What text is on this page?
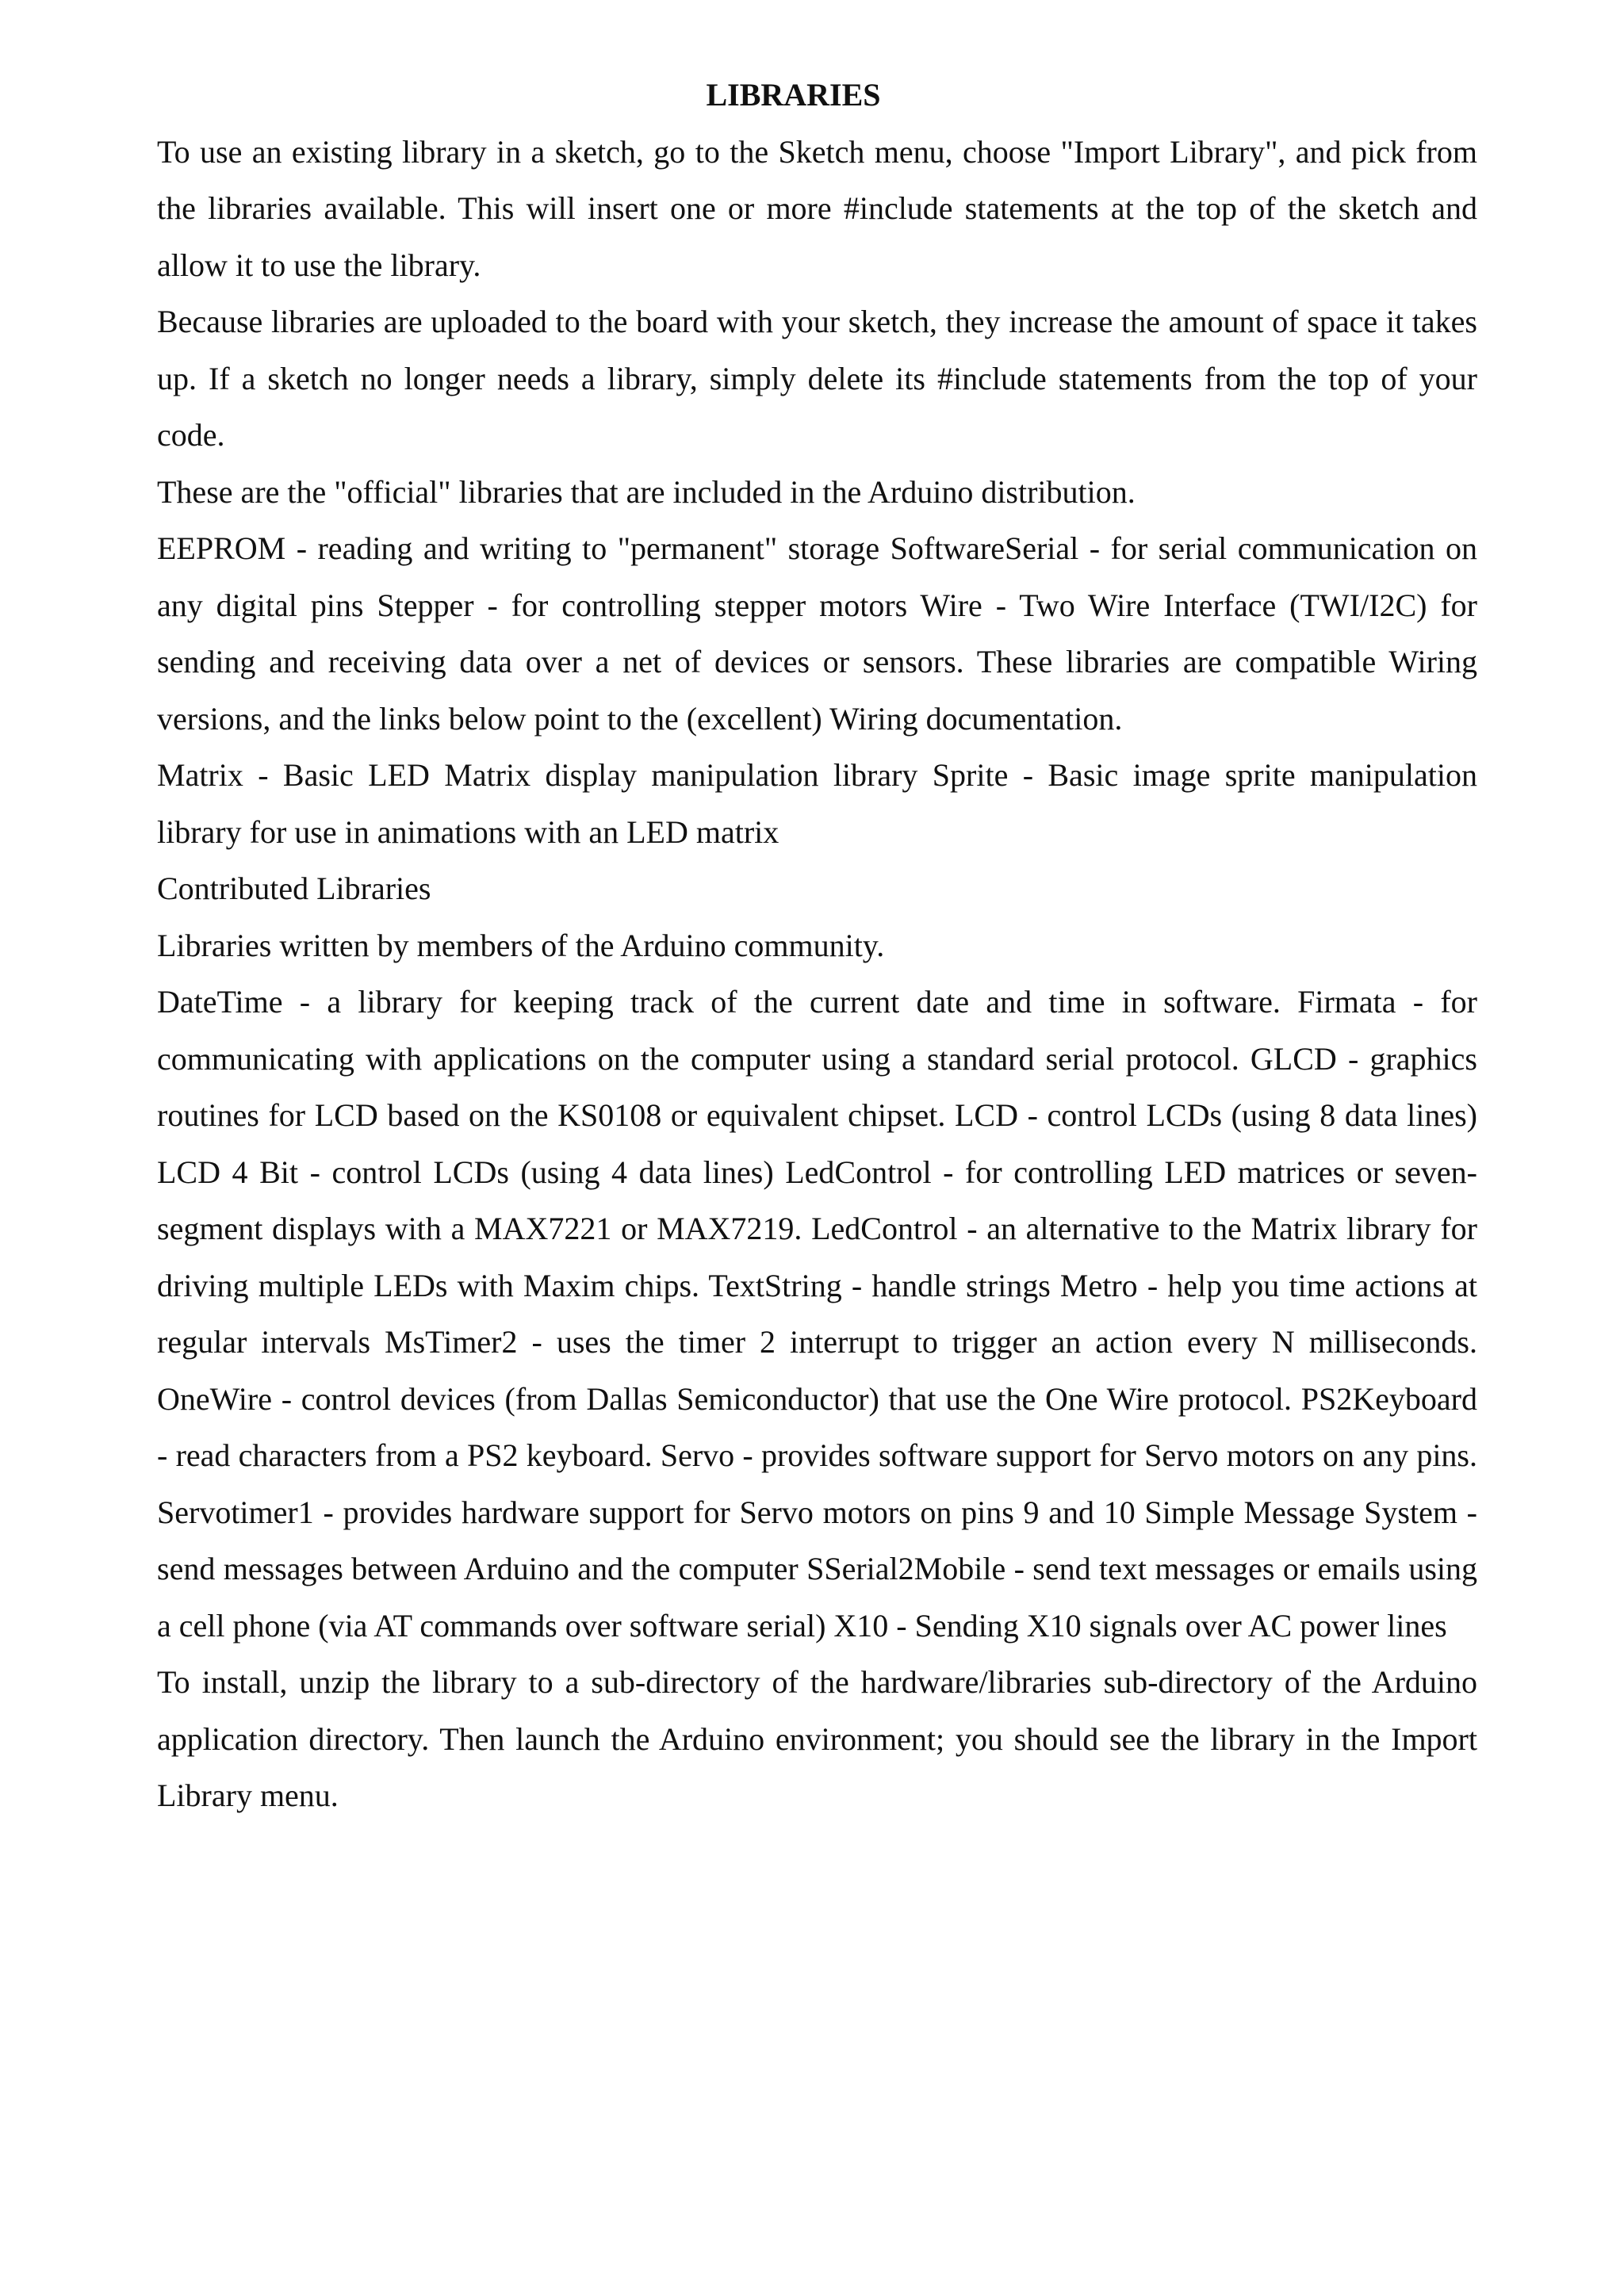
LIBRARIES

To use an existing library in a sketch, go to the Sketch menu, choose "Import Library", and pick from the libraries available. This will insert one or more #include statements at the top of the sketch and allow it to use the library.

Because libraries are uploaded to the board with your sketch, they increase the amount of space it takes up. If a sketch no longer needs a library, simply delete its #include statements from the top of your code.

These are the "official" libraries that are included in the Arduino distribution.

EEPROM - reading and writing to "permanent" storage SoftwareSerial - for serial communication on any digital pins Stepper - for controlling stepper motors Wire - Two Wire Interface (TWI/I2C) for sending and receiving data over a net of devices or sensors. These libraries are compatible Wiring versions, and the links below point to the (excellent) Wiring documentation.

Matrix - Basic LED Matrix display manipulation library Sprite - Basic image sprite manipulation library for use in animations with an LED matrix

Contributed Libraries

Libraries written by members of the Arduino community.

DateTime - a library for keeping track of the current date and time in software. Firmata - for communicating with applications on the computer using a standard serial protocol. GLCD - graphics routines for LCD based on the KS0108 or equivalent chipset. LCD - control LCDs (using 8 data lines) LCD 4 Bit - control LCDs (using 4 data lines) LedControl - for controlling LED matrices or seven-segment displays with a MAX7221 or MAX7219. LedControl - an alternative to the Matrix library for driving multiple LEDs with Maxim chips. TextString - handle strings Metro - help you time actions at regular intervals MsTimer2 - uses the timer 2 interrupt to trigger an action every N milliseconds. OneWire - control devices (from Dallas Semiconductor) that use the One Wire protocol. PS2Keyboard - read characters from a PS2 keyboard. Servo - provides software support for Servo motors on any pins. Servotimer1 - provides hardware support for Servo motors on pins 9 and 10 Simple Message System - send messages between Arduino and the computer SSerial2Mobile - send text messages or emails using a cell phone (via AT commands over software serial) X10 - Sending X10 signals over AC power lines

To install, unzip the library to a sub-directory of the hardware/libraries sub-directory of the Arduino application directory. Then launch the Arduino environment; you should see the library in the Import Library menu.
